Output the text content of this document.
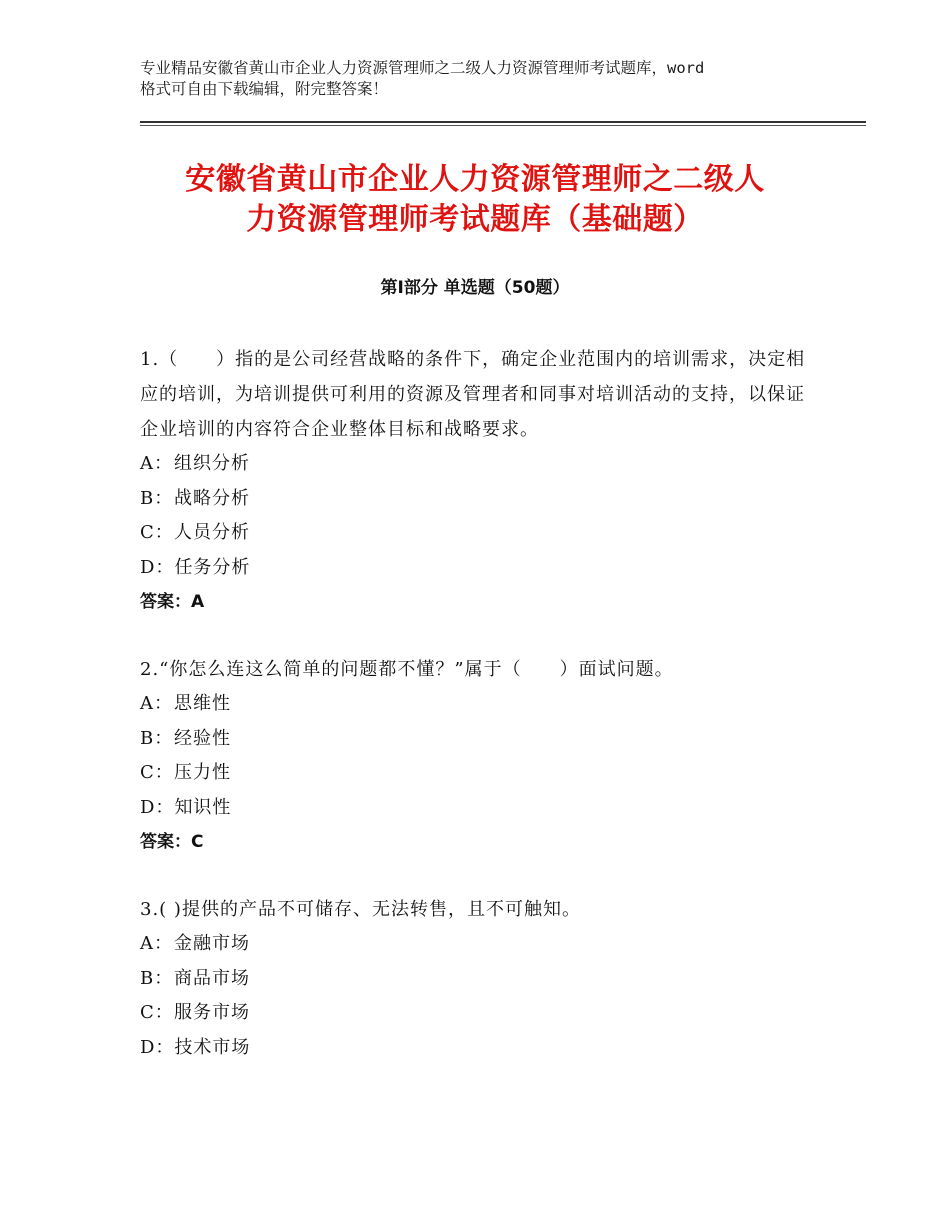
专业精品安徽省黄山市企业人力资源管理师之二级人力资源管理师考试题库，word
格式可自由下载编辑，附完整答案！
安徽省黄山市企业人力资源管理师之二级人
力资源管理师考试题库（基础题）
第Ⅰ部分 单选题（50题）

1.（　　）指的是公司经营战略的条件下，确定企业范围内的培训需求，决定相应的培训，为培训提供可利用的资源及管理者和同事对培训活动的支持，以保证企业培训的内容符合企业整体目标和战略要求。

A：组织分析

B：战略分析

C：人员分析

D：任务分析

答案：A

2.“你怎么连这么简单的问题都不懂？”属于（　　）面试问题。

A：思维性

B：经验性

C：压力性

D：知识性

答案：C

3.( )提供的产品不可储存、无法转售，且不可触知。

A：金融市场

B：商品市场

C：服务市场

D：技术市场
